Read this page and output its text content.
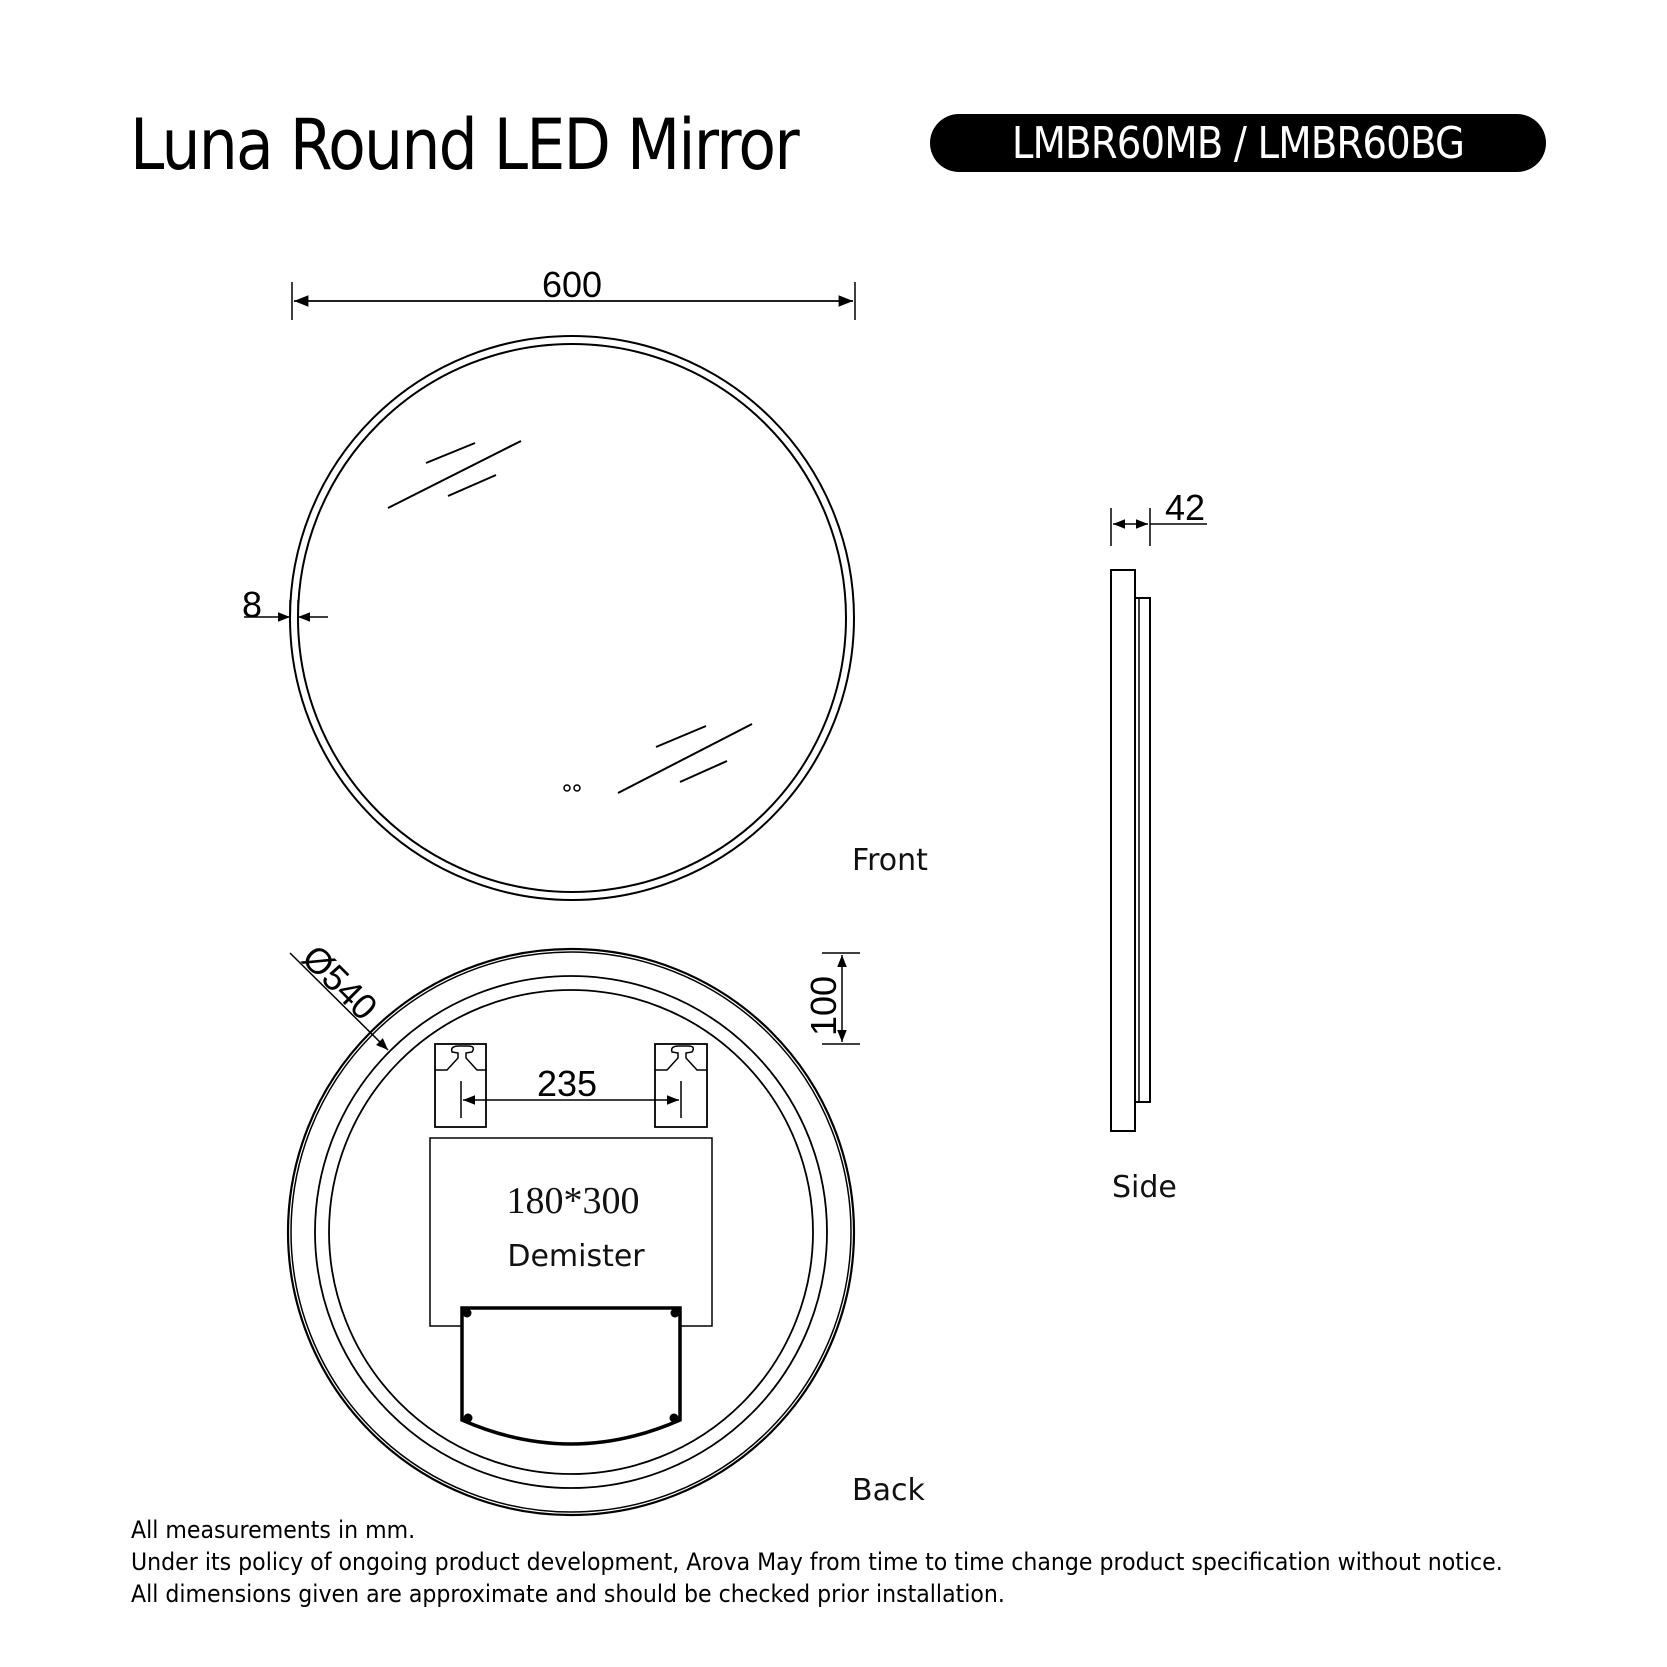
Luna Round LED Mirror	LMBR60MB / LMBR60BG
600
8
Front
42
Side
Ø540	100
235
180*300
Demister
Back
All measurements in mm.
Under its policy of ongoing product development, Arova May from time to time change product specification without notice.
All dimensions given are approximate and should be checked prior installation.
